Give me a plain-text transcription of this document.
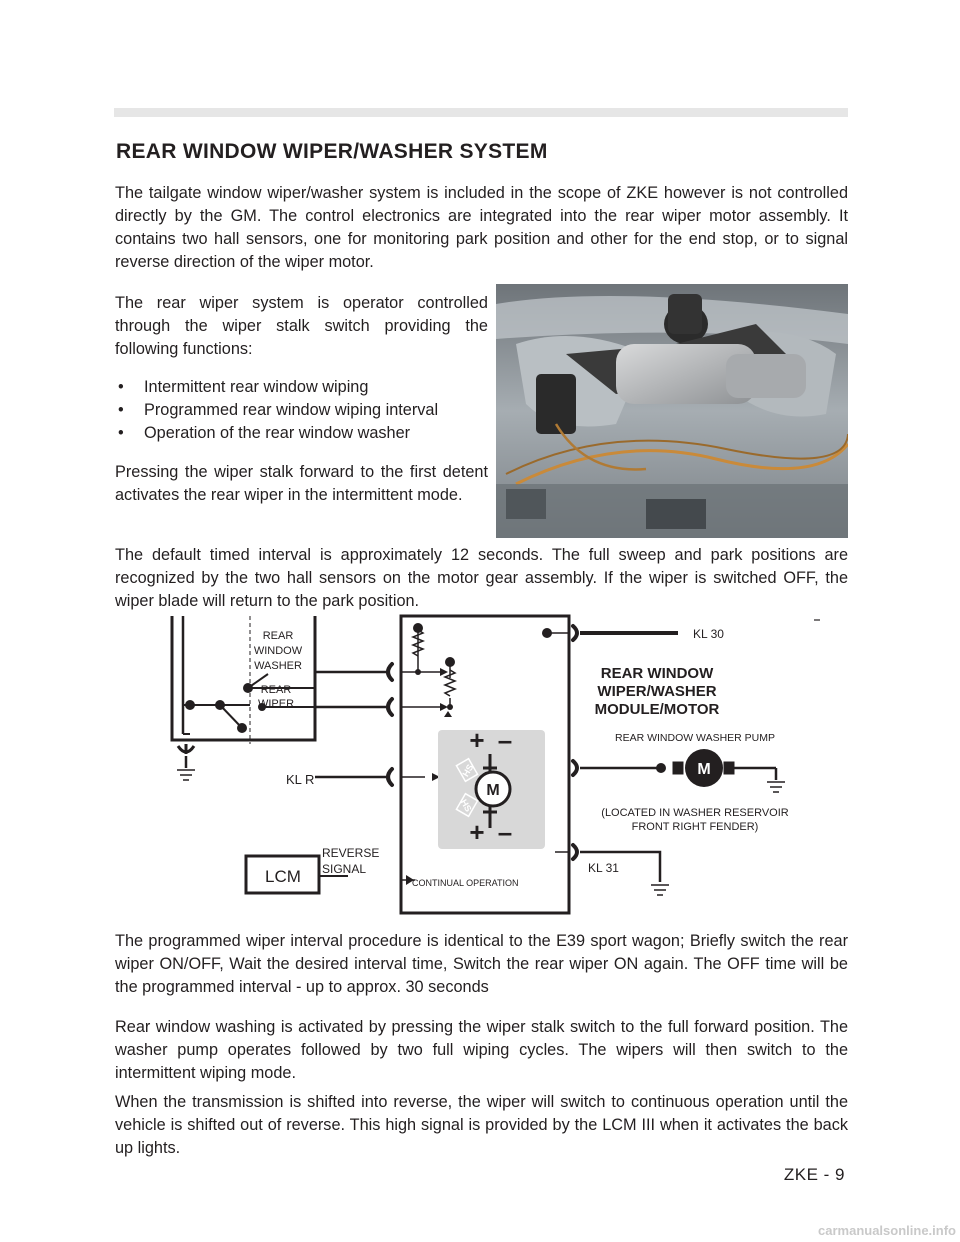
REAR WINDOW WIPER/WASHER SYSTEM

The tailgate window wiper/washer system is included in the scope of ZKE however is not controlled directly by the GM. The control electronics are integrated into the rear wiper motor assembly. It contains two hall sensors, one for monitoring park position and other for the end stop, or to signal reverse direction of the wiper motor.

The rear wiper system is operator controlled through the wiper stalk switch providing the following functions:

• Intermittent rear window wiping
• Programmed rear window wiping interval
• Operation of the rear window washer

Pressing the wiper stalk forward to the first detent activates the rear wiper in the intermittent mode.

The default timed interval is approximately 12 seconds. The full sweep and park positions are recognized by the two hall sensors on the motor gear assembly. If the wiper is switched OFF, the wiper blade will return to the park position.

REAR
WINDOW
WASHER
REAR
WIPER
KL 30
REAR WINDOW
WIPER/WASHER
MODULE/MOTOR
REAR WINDOW WASHER PUMP
(LOCATED IN WASHER RESERVOIR
FRONT RIGHT FENDER)
KL R
KL 31
REVERSE
SIGNAL
LCM	CONTINUAL OPERATION
M
M
HS
HS
+ –
+ –

The programmed wiper interval procedure is identical to the E39 sport wagon; Briefly switch the rear wiper ON/OFF, Wait the desired interval time, Switch the rear wiper ON again. The OFF time will be the programmed interval - up to approx. 30 seconds

Rear window washing is activated by pressing the wiper stalk switch to the full forward position. The washer pump operates followed by two full wiping cycles. The wipers will then switch to the intermittent wiping mode.

When the transmission is shifted into reverse, the wiper will switch to continuous operation until the vehicle is shifted out of reverse. This high signal is provided by the LCM III when it activates the back up lights.

ZKE - 9
carmanualsonline.info
